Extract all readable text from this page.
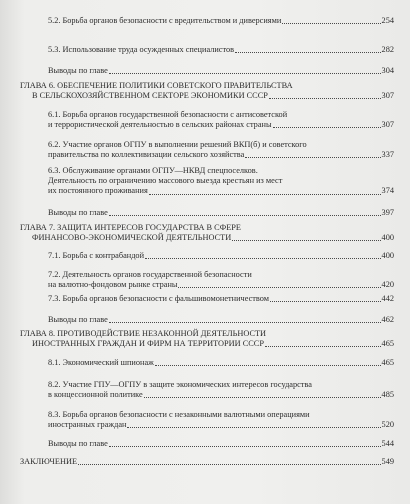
5.2. Борьба органов безопасности с вредительством и диверсиями	254
5.3. Использование труда осужденных специалистов	282
Выводы по главе	304
ГЛАВА 6. ОБЕСПЕЧЕНИЕ ПОЛИТИКИ СОВЕТСКОГО ПРАВИТЕЛЬСТВА
В СЕЛЬСКОХОЗЯЙСТВЕННОМ СЕКТОРЕ ЭКОНОМИКИ СССР	307
6.1. Борьба органов государственной безопасности с антисоветской
и террористической деятельностью в сельских районах страны	307
6.2. Участие органов ОГПУ в выполнении решений ВКП(б) и советского
правительства по коллективизации сельского хозяйства	337
6.3. Обслуживание органами ОГПУ—НКВД спецпоселков.
Деятельность по ограничению массового выезда крестьян из мест
их постоянного проживания	374
Выводы по главе	397
ГЛАВА 7. ЗАЩИТА ИНТЕРЕСОВ ГОСУДАРСТВА В СФЕРЕ
ФИНАНСОВО-ЭКОНОМИЧЕСКОЙ ДЕЯТЕЛЬНОСТИ	400
7.1. Борьба с контрабандой	400
7.2. Деятельность органов государственной безопасности
на валютно-фондовом рынке страны	420
7.3. Борьба органов безопасности с фальшивомонетничеством	442
Выводы по главе	462
ГЛАВА 8. ПРОТИВОДЕЙСТВИЕ НЕЗАКОННОЙ ДЕЯТЕЛЬНОСТИ
ИНОСТРАННЫХ ГРАЖДАН И ФИРМ НА ТЕРРИТОРИИ СССР	465
8.1. Экономический шпионаж	465
8.2. Участие ГПУ—ОГПУ в защите экономических интересов государства
в концессионной политике	485
8.3. Борьба органов безопасности с незаконными валютными операциями
иностранных граждан	520
Выводы по главе	544
ЗАКЛЮЧЕНИЕ	549
